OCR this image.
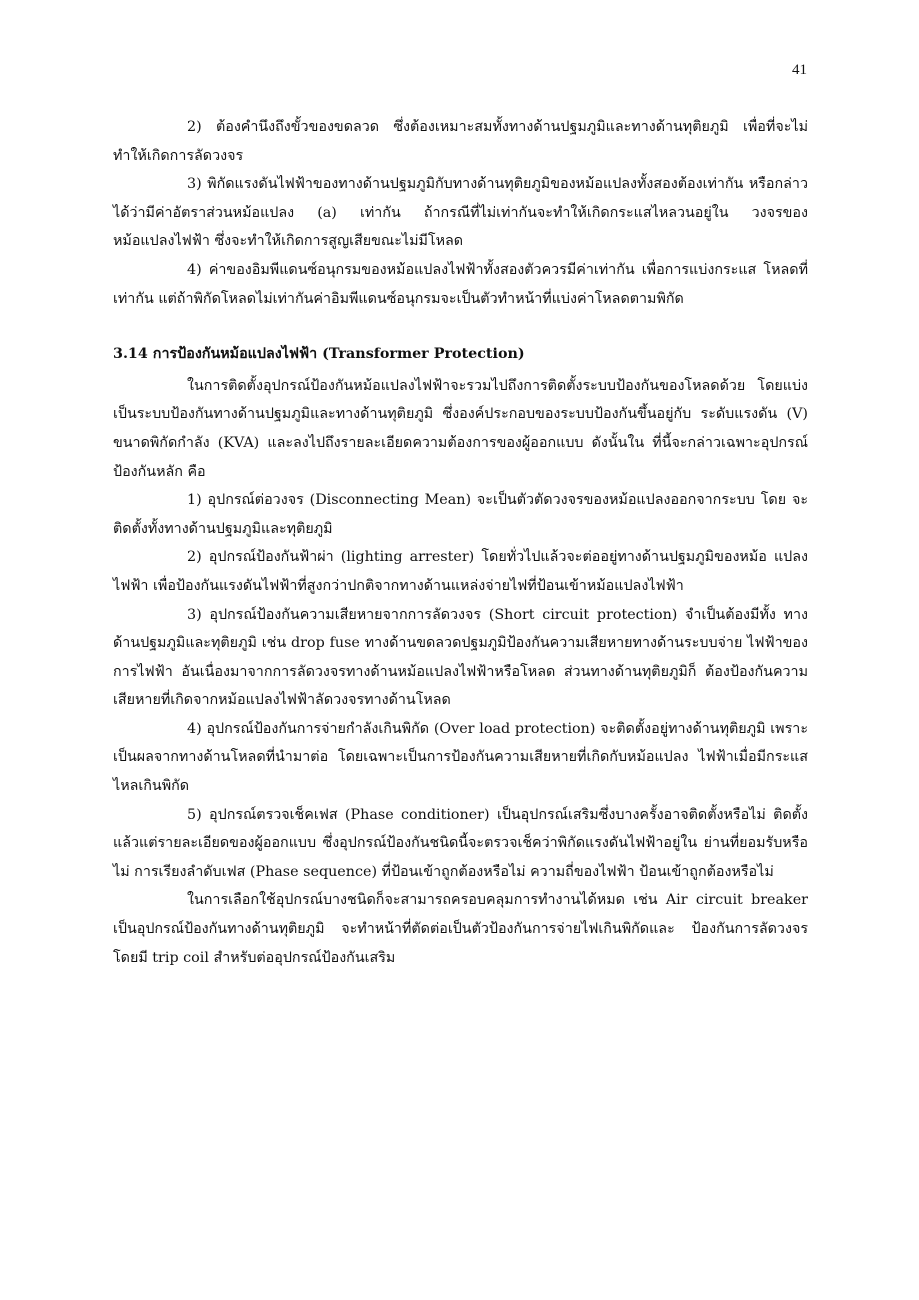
41

2) ต้องคำนึงถึงขั้วของขดลวด ซึ่งต้องเหมาะสมทั้งทางด้านปฐมภูมิและทางด้านทุติยภูมิ เพื่อที่จะไม่ทำให้เกิดการลัดวงจร

3) พิกัดแรงดันไฟฟ้าของทางด้านปฐมภูมิกับทางด้านทุติยภูมิของหม้อแปลงทั้งสองต้องเท่ากัน หรือกล่าวได้ว่ามีค่าอัตราส่วนหม้อแปลง (a) เท่ากัน ถ้ากรณีที่ไม่เท่ากันจะทำให้เกิดกระแสไหลวนอยู่ใน วงจรของหม้อแปลงไฟฟ้า ซึ่งจะทำให้เกิดการสูญเสียขณะไม่มีโหลด

4) ค่าของอิมพีแดนซ์อนุกรมของหม้อแปลงไฟฟ้าทั้งสองตัวควรมีค่าเท่ากัน เพื่อการแบ่งกระแส โหลดที่เท่ากัน แต่ถ้าพิกัดโหลดไม่เท่ากันค่าอิมพีแดนซ์อนุกรมจะเป็นตัวทำหน้าที่แบ่งค่าโหลดตามพิกัด

3.14 การป้องกันหม้อแปลงไฟฟ้า (Transformer Protection)

ในการติดตั้งอุปกรณ์ป้องกันหม้อแปลงไฟฟ้าจะรวมไปถึงการติดตั้งระบบป้องกันของโหลดด้วย โดยแบ่งเป็นระบบป้องกันทางด้านปฐมภูมิและทางด้านทุติยภูมิ ซึ่งองค์ประกอบของระบบป้องกันขึ้นอยู่กับ ระดับแรงดัน (V) ขนาดพิกัดกำลัง (KVA) และลงไปถึงรายละเอียดความต้องการของผู้ออกแบบ ดังนั้นใน ที่นี้จะกล่าวเฉพาะอุปกรณ์ป้องกันหลัก คือ

1) อุปกรณ์ต่อวงจร (Disconnecting Mean) จะเป็นตัวตัดวงจรของหม้อแปลงออกจากระบบ โดย จะติดตั้งทั้งทางด้านปฐมภูมิและทุติยภูมิ

2) อุปกรณ์ป้องกันฟ้าผ่า (lighting arrester) โดยทั่วไปแล้วจะต่ออยู่ทางด้านปฐมภูมิของหม้อ แปลงไฟฟ้า เพื่อป้องกันแรงดันไฟฟ้าที่สูงกว่าปกติจากทางด้านแหล่งจ่ายไฟที่ป้อนเข้าหม้อแปลงไฟฟ้า

3) อุปกรณ์ป้องกันความเสียหายจากการลัดวงจร (Short circuit protection) จำเป็นต้องมีทั้ง ทางด้านปฐมภูมิและทุติยภูมิ เช่น drop fuse ทางด้านขดลวดปฐมภูมิป้องกันความเสียหายทางด้านระบบจ่าย ไฟฟ้าของการไฟฟ้า อันเนื่องมาจากการลัดวงจรทางด้านหม้อแปลงไฟฟ้าหรือโหลด ส่วนทางด้านทุติยภูมิก็ ต้องป้องกันความเสียหายที่เกิดจากหม้อแปลงไฟฟ้าลัดวงจรทางด้านโหลด

4) อุปกรณ์ป้องกันการจ่ายกำลังเกินพิกัด (Over load protection) จะติดตั้งอยู่ทางด้านทุติยภูมิ เพราะเป็นผลจากทางด้านโหลดที่นำมาต่อ โดยเฉพาะเป็นการป้องกันความเสียหายที่เกิดกับหม้อแปลง ไฟฟ้าเมื่อมีกระแสไหลเกินพิกัด

5) อุปกรณ์ตรวจเช็คเฟส (Phase conditioner) เป็นอุปกรณ์เสริมซึ่งบางครั้งอาจติดตั้งหรือไม่ ติดตั้งแล้วแต่รายละเอียดของผู้ออกแบบ ซึ่งอุปกรณ์ป้องกันชนิดนี้จะตรวจเช็คว่าพิกัดแรงดันไฟฟ้าอยู่ใน ย่านที่ยอมรับหรือไม่ การเรียงลำดับเฟส (Phase sequence) ที่ป้อนเข้าถูกต้องหรือไม่ ความถี่ของไฟฟ้า ป้อนเข้าถูกต้องหรือไม่

ในการเลือกใช้อุปกรณ์บางชนิดก็จะสามารถครอบคลุมการทำงานได้หมด เช่น Air circuit breaker เป็นอุปกรณ์ป้องกันทางด้านทุติยภูมิ จะทำหน้าที่ตัดต่อเป็นตัวป้องกันการจ่ายไฟเกินพิกัดและ ป้องกันการลัดวงจร โดยมี trip coil สำหรับต่ออุปกรณ์ป้องกันเสริม
